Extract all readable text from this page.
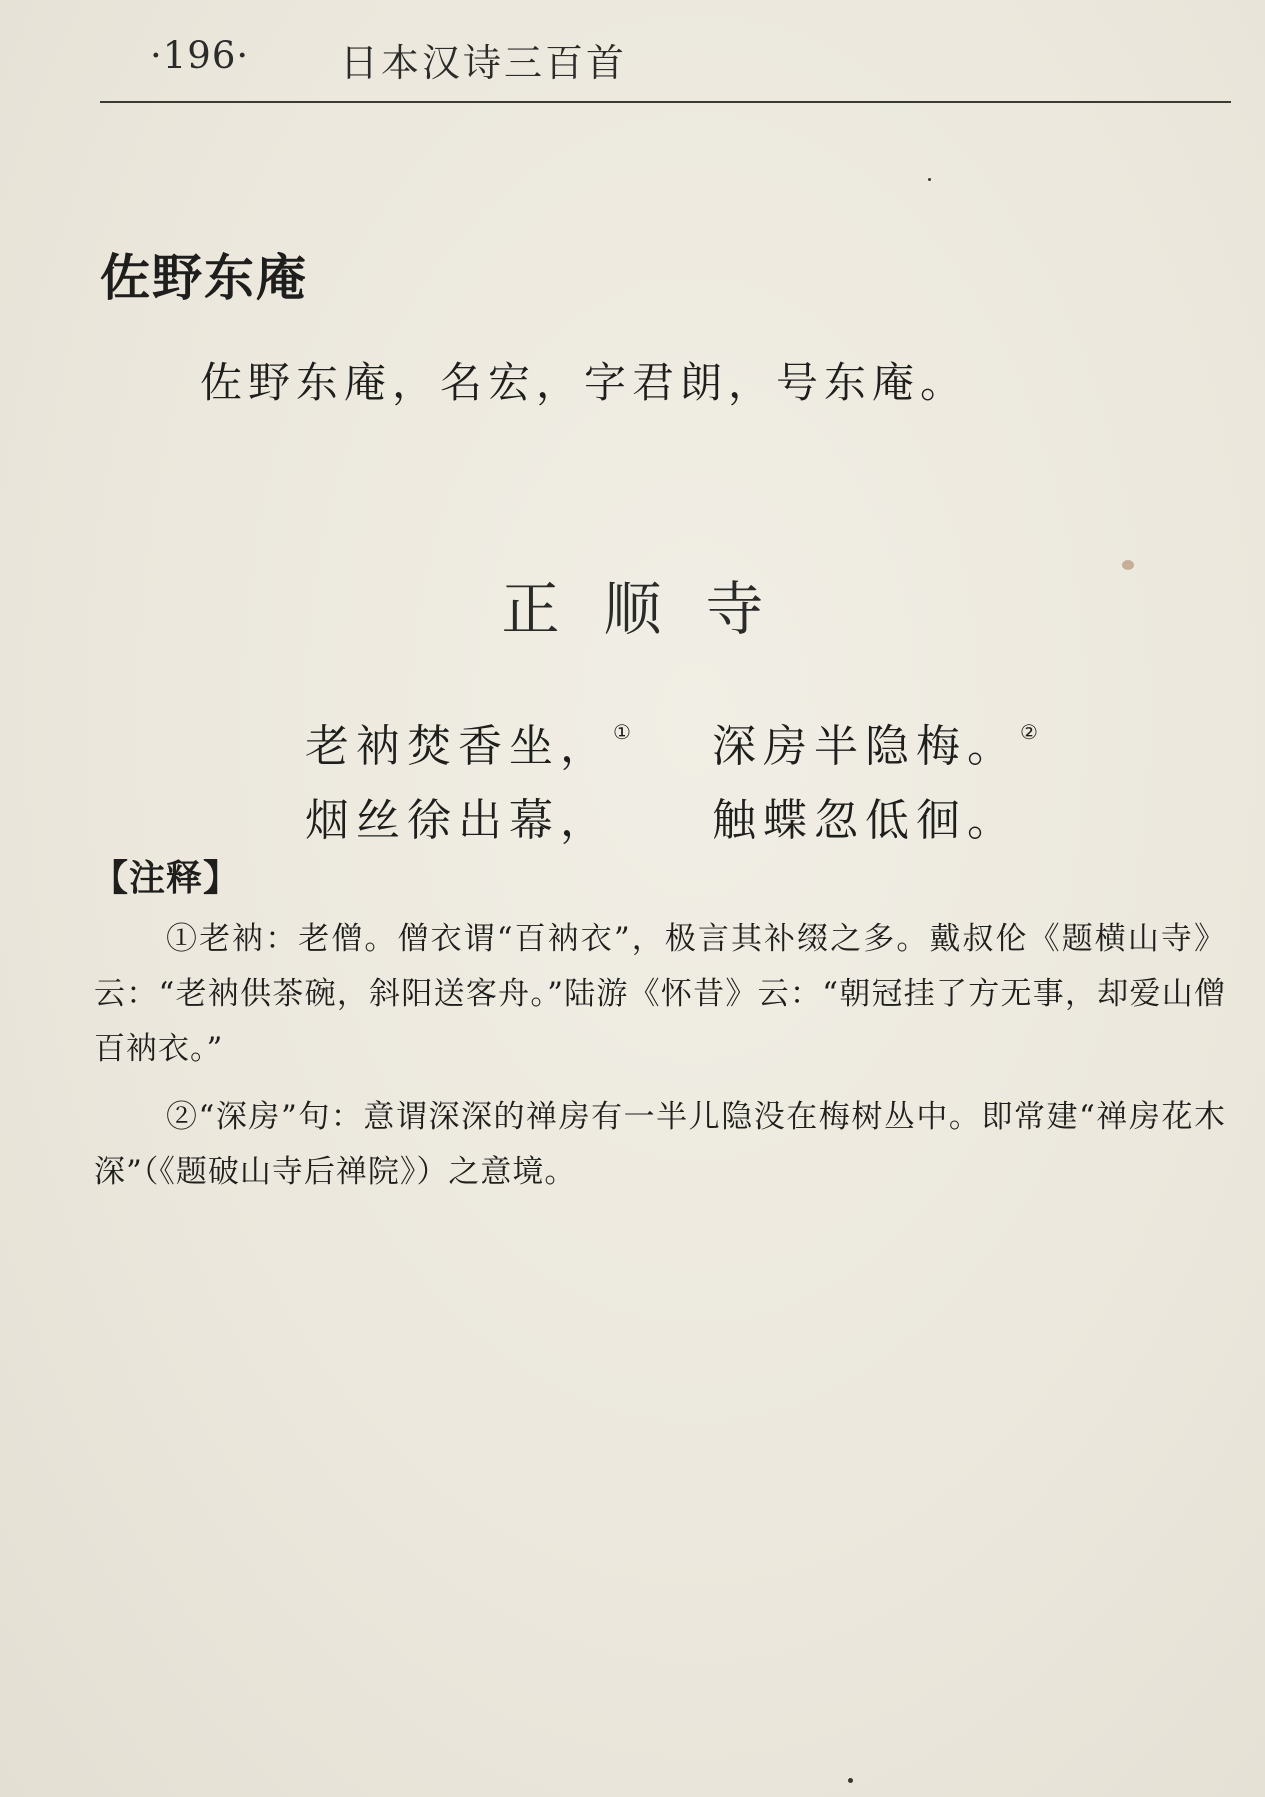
·196· 日本汉诗三百首
佐野东庵
佐野东庵，名宏，字君朗，号东庵。
正顺寺
老衲焚香坐， ① 深房半隐梅。 ②
烟丝徐出幕， 触蝶忽低徊。
【注释】
①老衲：老僧。僧衣谓“百衲衣”，极言其补缀之多。戴叔伦《题横山寺》云：“老衲供茶碗，斜阳送客舟。”陆游《怀昔》云：“朝冠挂了方无事，却爱山僧百衲衣。”
②“深房”句：意谓深深的禅房有一半儿隐没在梅树丛中。即常建“禅房花木深”（《题破山寺后禅院》）之意境。
